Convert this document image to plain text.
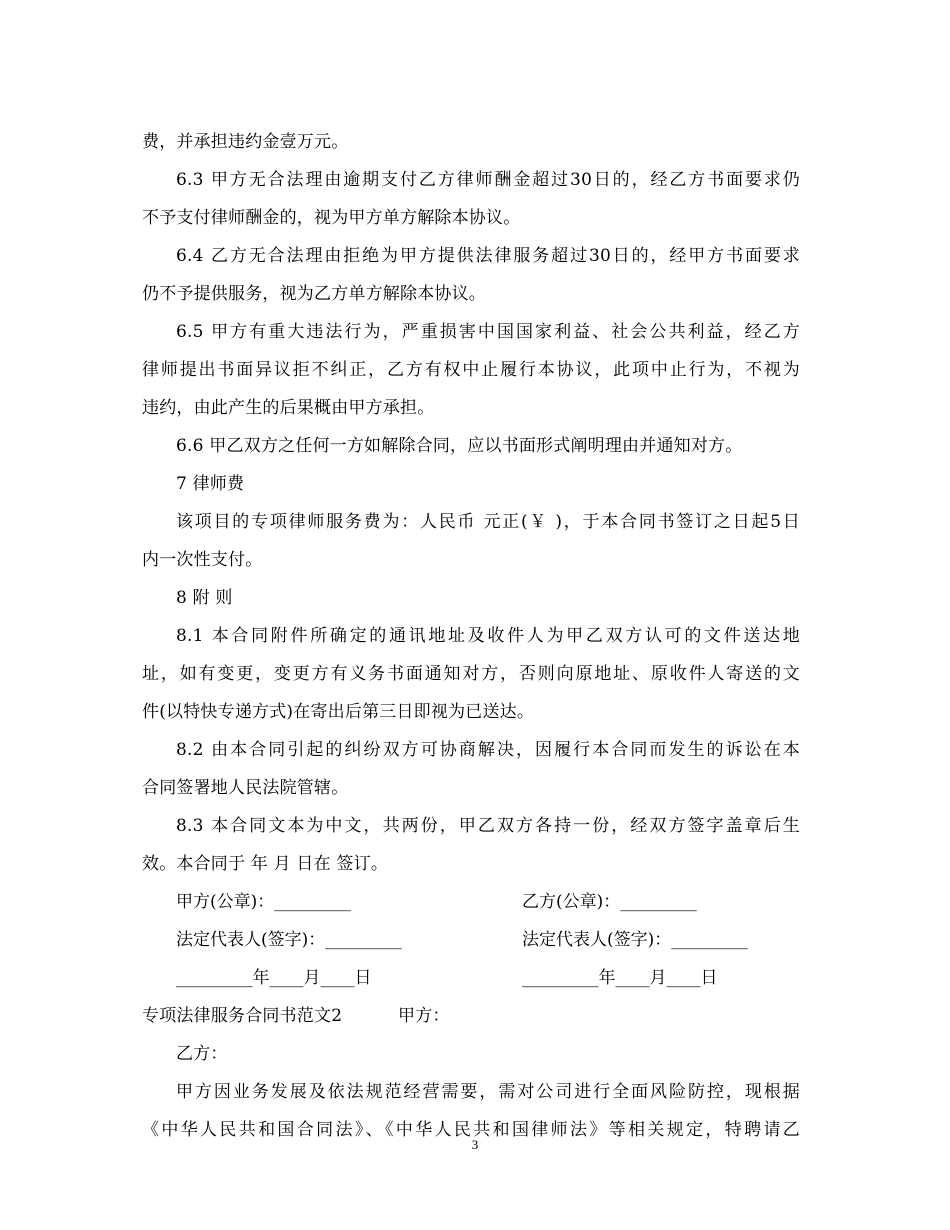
费，并承担违约金壹万元。
6.3 甲方无合法理由逾期支付乙方律师酬金超过30日的，经乙方书面要求仍
不予支付律师酬金的，视为甲方单方解除本协议。
6.4 乙方无合法理由拒绝为甲方提供法律服务超过30日的，经甲方书面要求
仍不予提供服务，视为乙方单方解除本协议。
6.5 甲方有重大违法行为，严重损害中国国家利益、社会公共利益，经乙方
律师提出书面异议拒不纠正，乙方有权中止履行本协议，此项中止行为，不视为
违约，由此产生的后果概由甲方承担。
6.6 甲乙双方之任何一方如解除合同，应以书面形式阐明理由并通知对方。
7 律师费
该项目的专项律师服务费为：人民币 元正(￥ )，于本合同书签订之日起5日
内一次性支付。
8 附 则
8.1 本合同附件所确定的通讯地址及收件人为甲乙双方认可的文件送达地
址，如有变更，变更方有义务书面通知对方，否则向原地址、原收件人寄送的文
件(以特快专递方式)在寄出后第三日即视为已送达。
8.2 由本合同引起的纠纷双方可协商解决，因履行本合同而发生的诉讼在本
合同签署地人民法院管辖。
8.3 本合同文本为中文，共两份，甲乙双方各持一份，经双方签字盖章后生
效。本合同于 年 月 日在 签订。
甲方(公章)：_________	乙方(公章)：_________
法定代表人(签字)：_________	法定代表人(签字)：_________
_________年____月____日	_________年____月____日
专项法律服务合同书范文2	甲方：
乙方：
甲方因业务发展及依法规范经营需要，需对公司进行全面风险防控，现根据
《中华人民共和国合同法》、《中华人民共和国律师法》等相关规定，特聘请乙
3
